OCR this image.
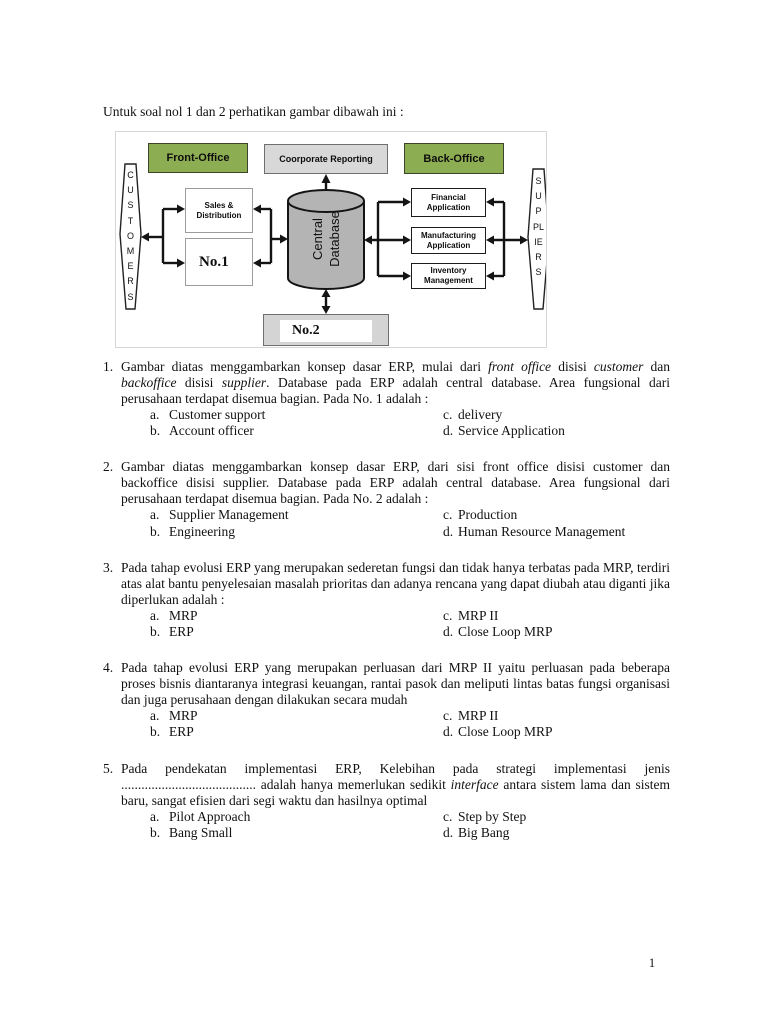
Untuk soal nol 1 dan 2 perhatikan gambar dibawah ini :

Front-Office	Coorporate Reporting	Back-Office
CUSTOMERS
SUPPLIERS
Sales & Distribution
No.1
Central Database
Financial Application
Manufacturing Application
Inventory Management
No.2
1. Gambar diatas menggambarkan konsep dasar ERP, mulai dari front office disisi customer dan backoffice disisi supplier. Database pada ERP adalah central database. Area fungsional dari perusahaan terdapat disemua bagian. Pada No. 1 adalah :

a. Customer support	c. delivery
b. Account officer	d. Service Application
2. Gambar diatas menggambarkan konsep dasar ERP, dari sisi front office disisi customer dan backoffice disisi supplier. Database pada ERP adalah central database. Area fungsional dari perusahaan terdapat disemua bagian. Pada No. 2 adalah :

a. Supplier Management	c. Production
b. Engineering	d. Human Resource Management
3. Pada tahap evolusi ERP yang merupakan sederetan fungsi dan tidak hanya terbatas pada MRP, terdiri atas alat bantu penyelesaian masalah prioritas dan adanya rencana yang dapat diubah atau diganti jika diperlukan adalah :

a. MRP	c. MRP II
b. ERP	d. Close Loop MRP
4. Pada tahap evolusi ERP yang merupakan perluasan dari MRP II yaitu perluasan pada beberapa proses bisnis diantaranya integrasi keuangan, rantai pasok dan meliputi lintas batas fungsi organisasi dan juga perusahaan dengan dilakukan secara mudah

a. MRP	c. MRP II
b. ERP	d. Close Loop MRP
5. Pada pendekatan implementasi ERP, Kelebihan pada strategi implementasi jenis ........................................ adalah hanya memerlukan sedikit interface antara sistem lama dan sistem baru, sangat efisien dari segi waktu dan hasilnya optimal

a. Pilot Approach	c. Step by Step
b. Bang Small	d. Big Bang
1
